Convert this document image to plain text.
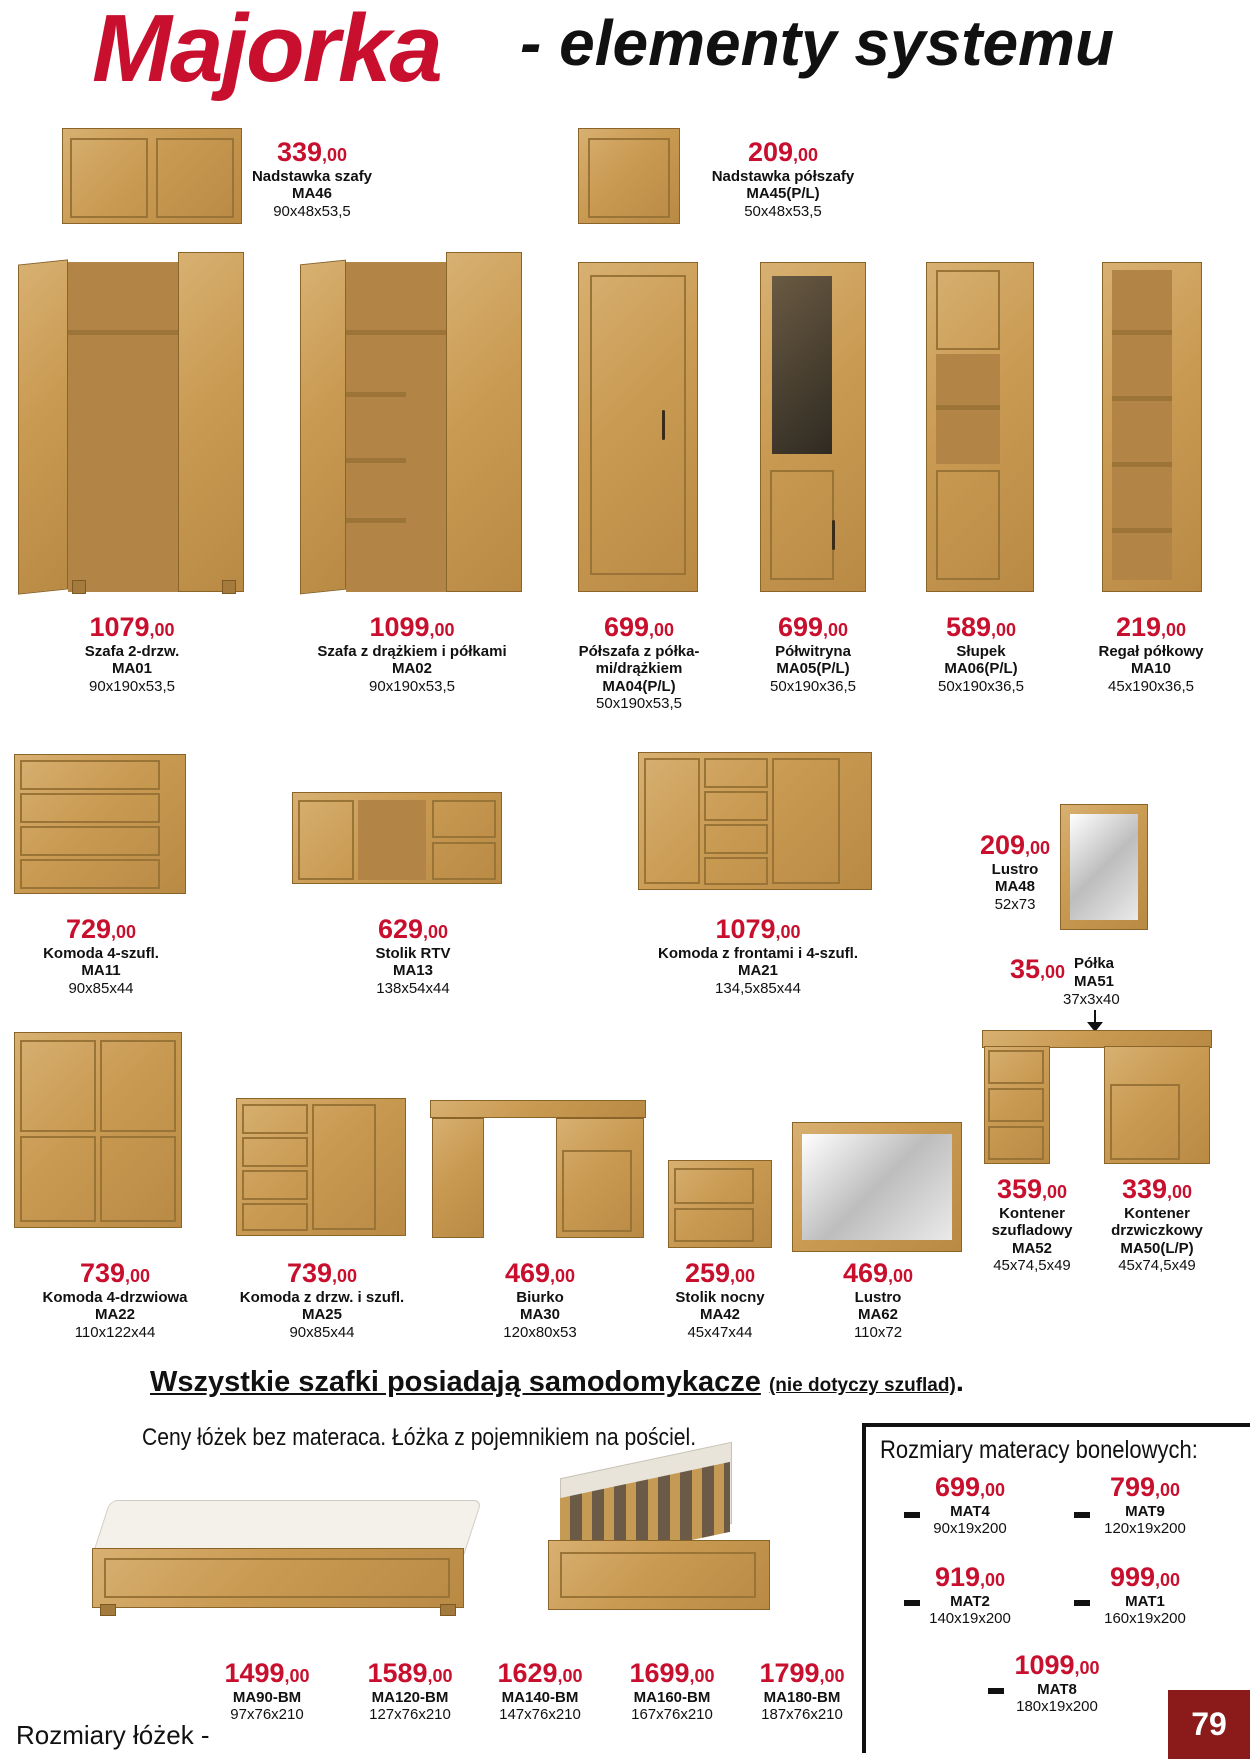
Majorka - elementy systemu
339,00
Nadstawka szafy
MA46
90x48x53,5
209,00
Nadstawka półszafy
MA45(P/L)
50x48x53,5
1079,00
Szafa 2-drzw.
MA01
90x190x53,5
1099,00
Szafa z drążkiem i półkami
MA02
90x190x53,5
699,00
Półszafa z półka-
mi/drążkiem
MA04(P/L)
50x190x53,5
699,00
Półwitryna
MA05(P/L)
50x190x36,5
589,00
Słupek
MA06(P/L)
50x190x36,5
219,00
Regał półkowy
MA10
45x190x36,5
729,00
Komoda 4-szufl.
MA11
90x85x44
629,00
Stolik RTV
MA13
138x54x44
1079,00
Komoda z frontami i 4-szufl.
MA21
134,5x85x44
209,00
Lustro
MA48
52x73
35,00 Półka
MA51
37x3x40
739,00
Komoda 4-drzwiowa
MA22
110x122x44
739,00
Komoda z drzw. i szufl.
MA25
90x85x44
469,00
Biurko
MA30
120x80x53
259,00
Stolik nocny
MA42
45x47x44
469,00
Lustro
MA62
110x72
359,00
Kontener
szufladowy
MA52
45x74,5x49
339,00
Kontener
drzwiczkowy
MA50(L/P)
45x74,5x49
Wszystkie szafki posiadają samodomykacze (nie dotyczy szuflad).
Ceny łóżek bez materaca. Łóżka z pojemnikiem na pościel.
Rozmiary łóżek -
1499,00
MA90-BM
97x76x210
1589,00
MA120-BM
127x76x210
1629,00
MA140-BM
147x76x210
1699,00
MA160-BM
167x76x210
1799,00
MA180-BM
187x76x210
Rozmiary materacy bonelowych:
699,00
MAT4
90x19x200
799,00
MAT9
120x19x200
919,00
MAT2
140x19x200
999,00
MAT1
160x19x200
1099,00
MAT8
180x19x200	79
